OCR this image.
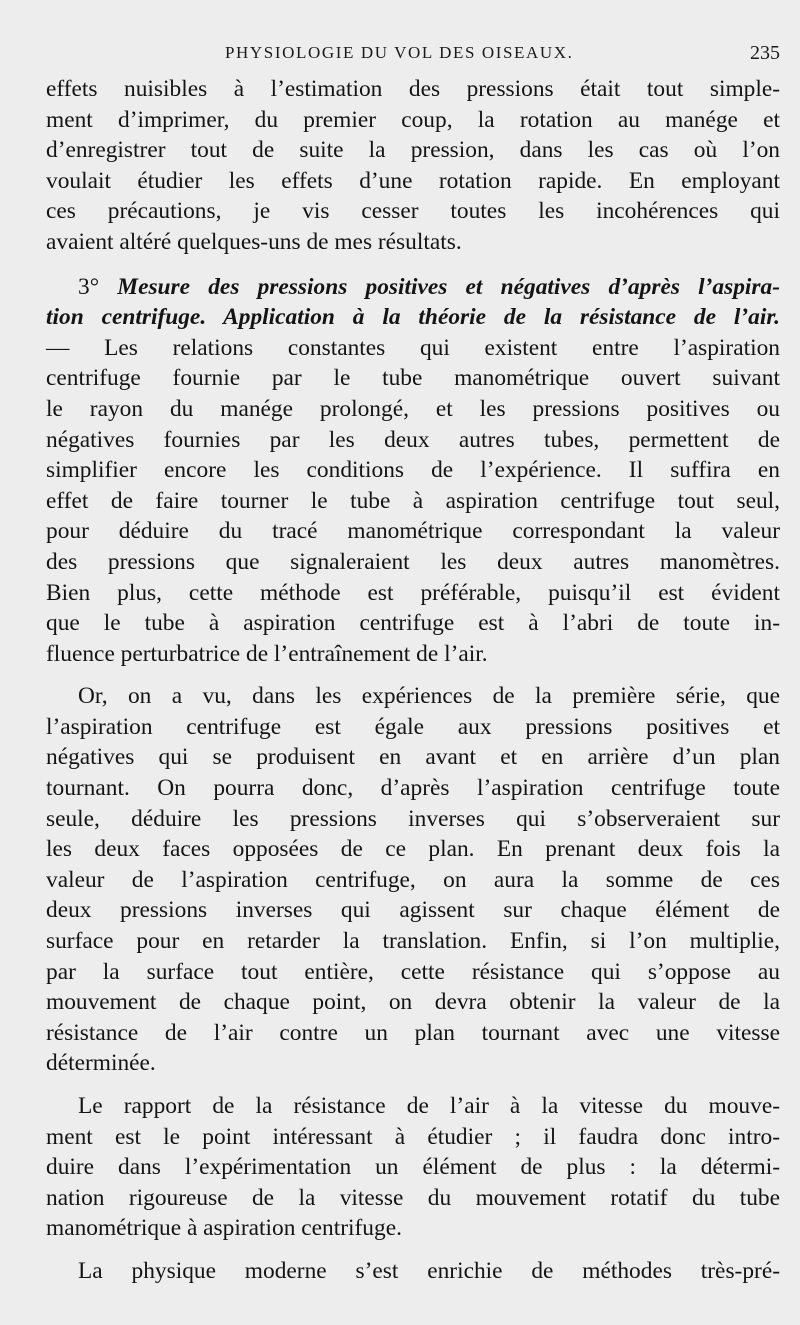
PHYSIOLOGIE DU VOL DES OISEAUX.	235

effets nuisibles à l’estimation des pressions était tout simple-
ment d’imprimer, du premier coup, la rotation au manége et
d’enregistrer tout de suite la pression, dans les cas où l’on
voulait étudier les effets d’une rotation rapide. En employant
ces précautions, je vis cesser toutes les incohérences qui
avaient altéré quelques-uns de mes résultats.

3° Mesure des pressions positives et négatives d’après l’aspira-
tion centrifuge. Application à la théorie de la résistance de l’air.
— Les relations constantes qui existent entre l’aspiration
centrifuge fournie par le tube manométrique ouvert suivant
le rayon du manége prolongé, et les pressions positives ou
négatives fournies par les deux autres tubes, permettent de
simplifier encore les conditions de l’expérience. Il suffira en
effet de faire tourner le tube à aspiration centrifuge tout seul,
pour déduire du tracé manométrique correspondant la valeur
des pressions que signaleraient les deux autres manomètres.
Bien plus, cette méthode est préférable, puisqu’il est évident
que le tube à aspiration centrifuge est à l’abri de toute in-
fluence perturbatrice de l’entraînement de l’air.

Or, on a vu, dans les expériences de la première série, que
l’aspiration centrifuge est égale aux pressions positives et
négatives qui se produisent en avant et en arrière d’un plan
tournant. On pourra donc, d’après l’aspiration centrifuge toute
seule, déduire les pressions inverses qui s’observeraient sur
les deux faces opposées de ce plan. En prenant deux fois la
valeur de l’aspiration centrifuge, on aura la somme de ces
deux pressions inverses qui agissent sur chaque élément de
surface pour en retarder la translation. Enfin, si l’on multiplie,
par la surface tout entière, cette résistance qui s’oppose au
mouvement de chaque point, on devra obtenir la valeur de la
résistance de l’air contre un plan tournant avec une vitesse
déterminée.

Le rapport de la résistance de l’air à la vitesse du mouve-
ment est le point intéressant à étudier ; il faudra donc intro-
duire dans l’expérimentation un élément de plus : la détermi-
nation rigoureuse de la vitesse du mouvement rotatif du tube
manométrique à aspiration centrifuge.

La physique moderne s’est enrichie de méthodes très-pré-
